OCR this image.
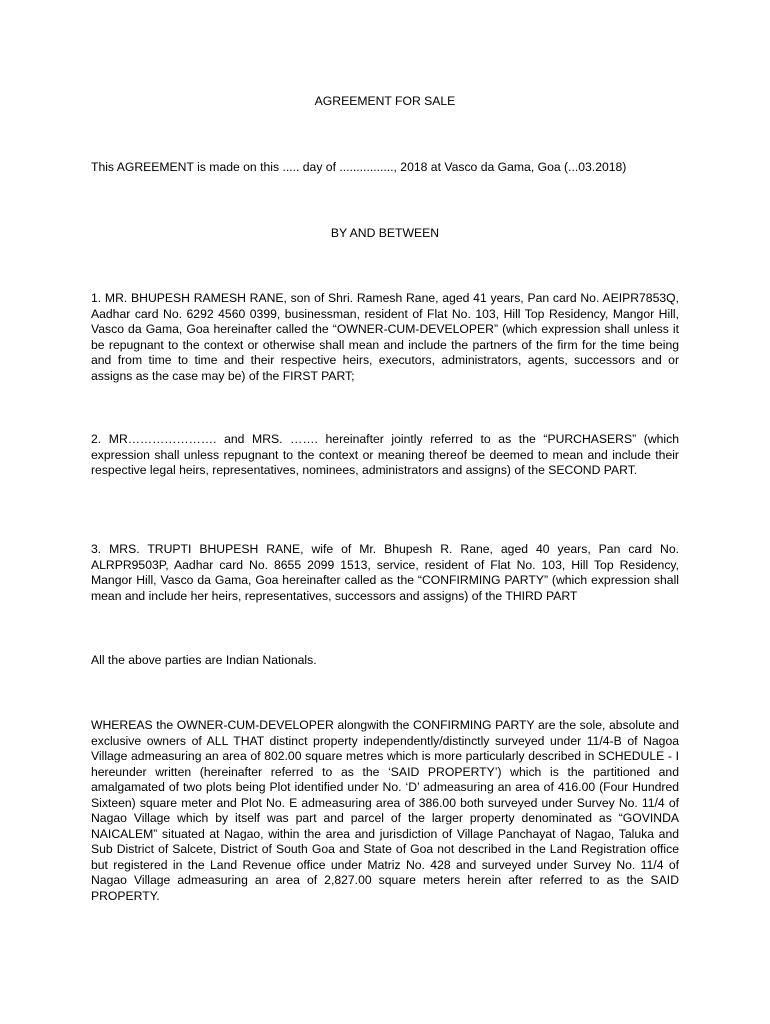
AGREEMENT FOR SALE

This AGREEMENT is made on this ..... day of ................, 2018 at Vasco da Gama, Goa (...03.2018)

BY AND BETWEEN

1. MR. BHUPESH RAMESH RANE, son of Shri. Ramesh Rane, aged 41 years, Pan card No. AEIPR7853Q, Aadhar card No. 6292 4560 0399, businessman, resident of Flat No. 103, Hill Top Residency, Mangor Hill, Vasco da Gama, Goa hereinafter called the “OWNER-CUM-DEVELOPER” (which expression shall unless it be repugnant to the context or otherwise shall mean and include the partners of the firm for the time being and from time to time and their respective heirs, executors, administrators, agents, successors and or assigns as the case may be) of the FIRST PART;

2. MR…………………. and MRS. ……. hereinafter jointly referred to as the “PURCHASERS” (which expression shall unless repugnant to the context or meaning thereof be deemed to mean and include their respective legal heirs, representatives, nominees, administrators and assigns) of the SECOND PART.

3. MRS. TRUPTI BHUPESH RANE, wife of Mr. Bhupesh R. Rane, aged 40 years, Pan card No. ALRPR9503P, Aadhar card No. 8655 2099 1513, service, resident of Flat No. 103, Hill Top Residency, Mangor Hill, Vasco da Gama, Goa hereinafter called as the “CONFIRMING PARTY” (which expression shall mean and include her heirs, representatives, successors and assigns) of the THIRD PART

All the above parties are Indian Nationals.

WHEREAS the OWNER-CUM-DEVELOPER alongwith the CONFIRMING PARTY are the sole, absolute and exclusive owners of ALL THAT distinct property independently/distinctly surveyed under 11/4-B of Nagoa Village admeasuring an area of 802.00 square metres which is more particularly described in SCHEDULE - I hereunder written (hereinafter referred to as the ‘SAID PROPERTY’) which is the partitioned and amalgamated of two plots being Plot identified under No. ‘D’ admeasuring an area of 416.00 (Four Hundred Sixteen) square meter and Plot No. E admeasuring area of 386.00 both surveyed under Survey No. 11/4 of Nagao Village which by itself was part and parcel of the larger property denominated as “GOVINDA NAICALEM” situated at Nagao, within the area and jurisdiction of Village Panchayat of Nagao, Taluka and Sub District of Salcete, District of South Goa and State of Goa not described in the Land Registration office but registered in the Land Revenue office under Matriz No. 428 and surveyed under Survey No. 11/4 of Nagao Village admeasuring an area of 2,827.00 square meters herein after referred to as the SAID PROPERTY.
